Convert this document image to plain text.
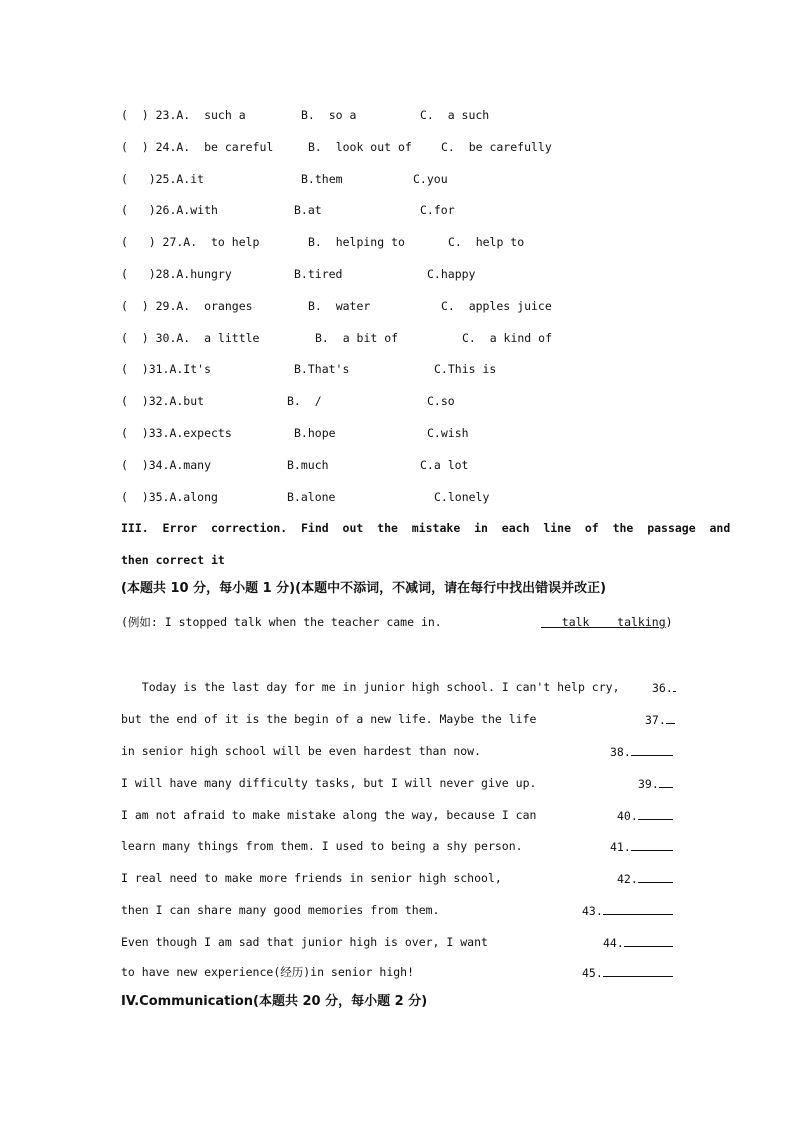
(  ) 23.A.  such a

	B.  so a

	C.  a such

(  ) 24.A.  be careful

	B.  look out of

	C.  be carefully

(   )25.A.it

	B.them

	C.you

(   )26.A.with

	B.at

	C.for

(   ) 27.A.  to help

	B.  helping to

	C.  help to

(   )28.A.hungry

	B.tired

	C.happy

(  ) 29.A.  oranges

	B.  water

	C.  apples juice

(  ) 30.A.  a little

	B.  a bit of

	C.  a kind of

(  )31.A.It's

	B.That's

	C.This is

(  )32.A.but

	B.  /

	C.so

(  )33.A.expects

	B.hope

	C.wish

(  )34.A.many

	B.much

	C.a lot

(  )35.A.along

	B.alone

	C.lonely

III.  Error  correction.  Find  out  the  mistake  in  each  line  of  the  passage  and
then correct it
(本题共 10 分，每小题 1 分)(本题中不添词，不减词，请在每行中找出错误并改正)

(例如: I stopped talk when the teacher came in.

	talk    talking)

Today is the last day for me in junior high school. I can't help cry,

	36.

but the end of it is the begin of a new life. Maybe the life

	37.

in senior high school will be even hardest than now.

	38.

I will have many difficulty tasks, but I will never give up.

	39.

I am not afraid to make mistake along the way, because I can

	40.

learn many things from them. I used to being a shy person.

	41.

I real need to make more friends in senior high school,

	42.

then I can share many good memories from them.

	43.

Even though I am sad that junior high is over, I want

	44.

to have new experience(经历)in senior high!

	45.

IV.Communication(本题共 20 分，每小题 2 分)
